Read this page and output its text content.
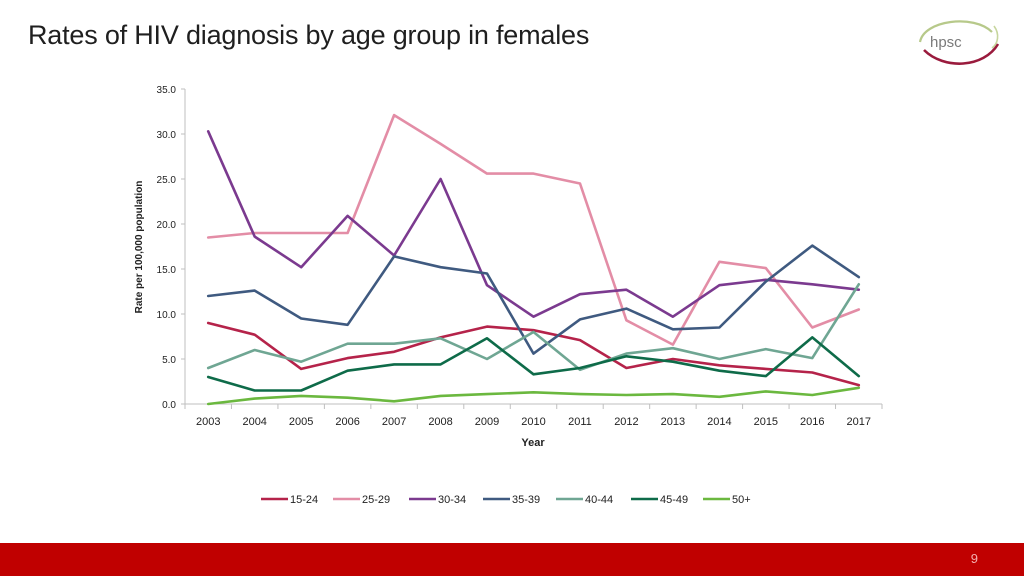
Rates of HIV diagnosis by age group in females	hpsc
0.0
5.0
10.0
15.0
20.0
25.0
30.0
35.0
2003 2004 2005 2006 2007 2008 2009 2010 2011 2012 2013 2014 2015 2016 2017
Rate per 100,000 population
Year
15-24	25-29	30-34	35-39	40-44	45-49	50+
9
